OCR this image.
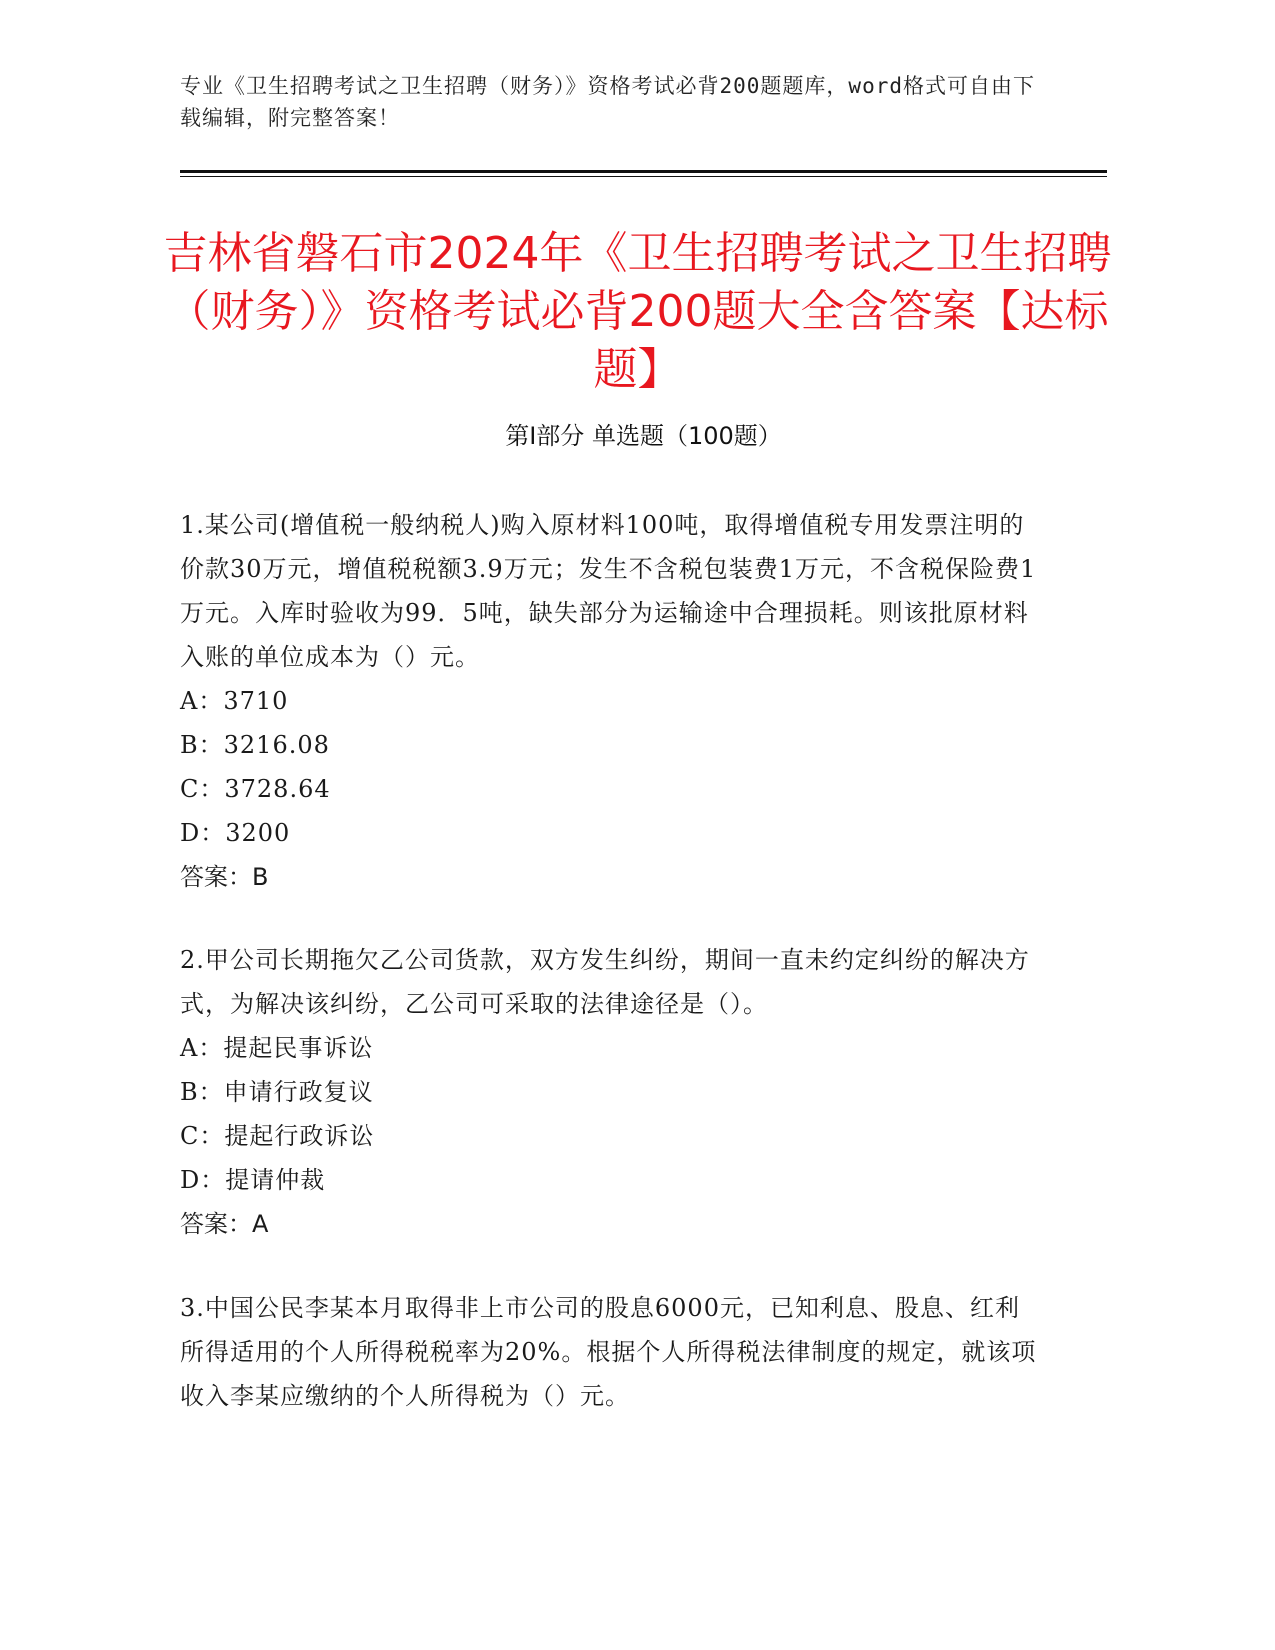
专业《卫生招聘考试之卫生招聘（财务）》资格考试必背200题题库，word格式可自由下载编辑，附完整答案！
吉林省磐石市2024年《卫生招聘考试之卫生招聘（财务）》资格考试必背200题大全含答案【达标题】
第Ⅰ部分 单选题（100题）

1.某公司(增值税一般纳税人)购入原材料100吨，取得增值税专用发票注明的价款30万元，增值税税额3.9万元；发生不含税包装费1万元，不含税保险费1万元。入库时验收为99．5吨，缺失部分为运输途中合理损耗。则该批原材料入账的单位成本为（）元。

A：3710

B：3216.08

C：3728.64

D：3200

答案：B

2.甲公司长期拖欠乙公司货款，双方发生纠纷，期间一直未约定纠纷的解决方式，为解决该纠纷，乙公司可采取的法律途径是（）。

A：提起民事诉讼

B：申请行政复议

C：提起行政诉讼

D：提请仲裁

答案：A

3.中国公民李某本月取得非上市公司的股息6000元，已知利息、股息、红利所得适用的个人所得税税率为20%。根据个人所得税法律制度的规定，就该项收入李某应缴纳的个人所得税为（）元。
